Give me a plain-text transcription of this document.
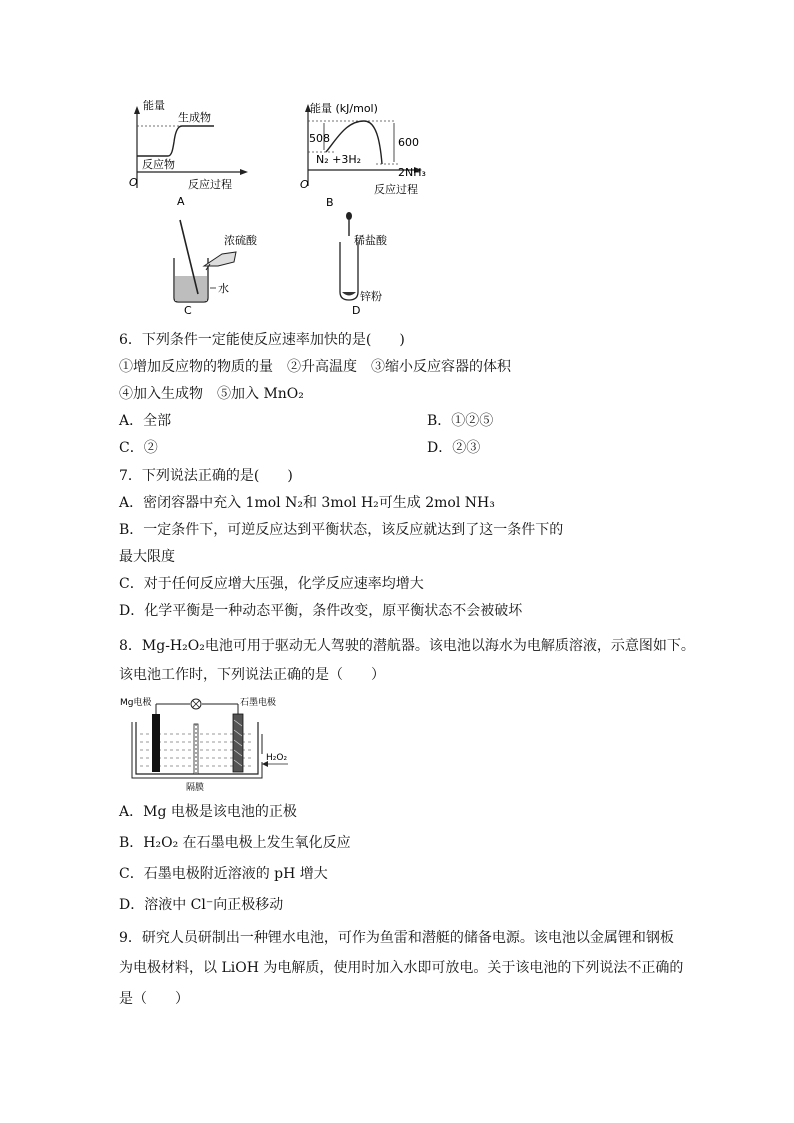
能量
生成物
反应物
O	反应过程
A
能量 (kJ/mol)
508	600
N₂ +3H₂
2NH₃
O	反应过程
B
浓硫酸
水
C
稀盐酸
锌粉
D
6．下列条件一定能使反应速率加快的是(　　)
①增加反应物的物质的量　②升高温度　③缩小反应容器的体积
④加入生成物　⑤加入 MnO₂
A．全部	B．①②⑤
C．②	D．②③
7．下列说法正确的是(　　)
A．密闭容器中充入 1mol N₂和 3mol H₂可生成 2mol NH₃
B．一定条件下，可逆反应达到平衡状态，该反应就达到了这一条件下的
最大限度
C．对于任何反应增大压强，化学反应速率均增大
D．化学平衡是一种动态平衡，条件改变，原平衡状态不会被破坏
8．Mg-H₂O₂电池可用于驱动无人驾驶的潜航器。该电池以海水为电解质溶液，示意图如下。
该电池工作时，下列说法正确的是（　　）
Mg电极	石墨电极
H₂O₂
隔膜
A．Mg 电极是该电池的正极
B．H₂O₂ 在石墨电极上发生氧化反应
C．石墨电极附近溶液的 pH 增大
D．溶液中 Cl⁻向正极移动
9．研究人员研制出一种锂水电池，可作为鱼雷和潜艇的储备电源。该电池以金属锂和钢板
为电极材料，以 LiOH 为电解质，使用时加入水即可放电。关于该电池的下列说法不正确的
是（　　）
